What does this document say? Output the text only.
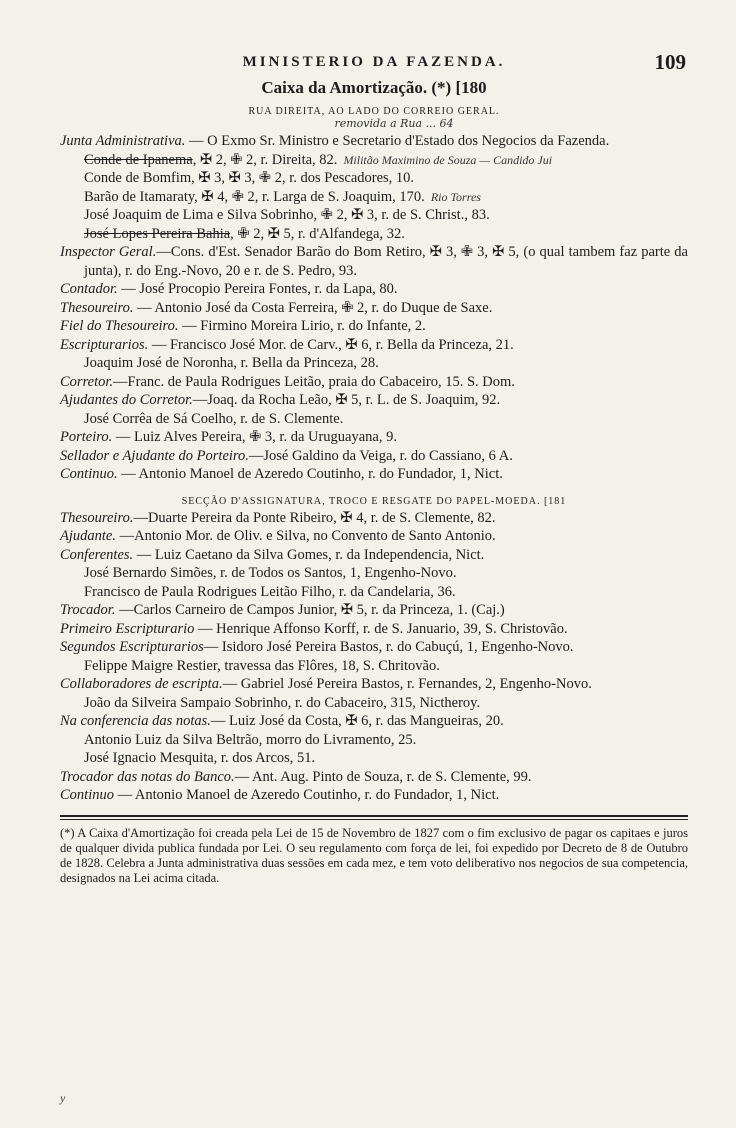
MINISTERIO DA FAZENDA.	109
Caixa da Amortização. (*) [180
RUA DIREITA, AO LADO DO CORREIO GERAL.
removida a Rua ... 64
Junta Administrativa. — O Exmo Sr. Ministro e Secretario d'Estado dos Negocios da Fazenda.
Conde de Ipanema, ✠ 2, ✙ 2, r. Direita, 82. Militão Maximino de Souza — Candido Jui
Conde de Bomfim, ✠ 3, ✠ 3, ✙ 2, r. dos Pescadores, 10.
Barão de Itamaraty, ✠ 4, ✙ 2, r. Larga de S. Joaquim, 170. Rio Torres
José Joaquim de Lima e Silva Sobrinho, ✙ 2, ✠ 3, r. de S. Christ., 83.
José Lopes Pereira Bahia, ✙ 2, ✠ 5, r. d'Alfandega, 32.
Inspector Geral.—Cons. d'Est. Senador Barão do Bom Retiro, ✠ 3, ✙ 3, ✠ 5, (o qual tambem faz parte da junta), r. do Eng.-Novo, 20 e r. de S. Pedro, 93.
Contador. — José Procopio Pereira Fontes, r. da Lapa, 80.
Thesoureiro. — Antonio José da Costa Ferreira, ✙ 2, r. do Duque de Saxe.
Fiel do Thesoureiro. — Firmino Moreira Lirio, r. do Infante, 2.
Escripturarios. — Francisco José Mor. de Carv., ✠ 6, r. Bella da Princeza, 21.
Joaquim José de Noronha, r. Bella da Princeza, 28.
Corretor.—Franc. de Paula Rodrigues Leitão, praia do Cabaceiro, 15. S. Dom.
Ajudantes do Corretor.—Joaq. da Rocha Leão, ✠ 5, r. L. de S. Joaquim, 92.
José Corrêa de Sá Coelho, r. de S. Clemente.
Porteiro. — Luiz Alves Pereira, ✙ 3, r. da Uruguayana, 9.
Sellador e Ajudante do Porteiro.—José Galdino da Veiga, r. do Cassiano, 6 A.
Continuo. — Antonio Manoel de Azeredo Coutinho, r. do Fundador, 1, Nict.
SECÇÃO D'ASSIGNATURA, TROCO E RESGATE DO PAPEL-MOEDA. [181
Thesoureiro.—Duarte Pereira da Ponte Ribeiro, ✠ 4, r. de S. Clemente, 82.
Ajudante. —Antonio Mor. de Oliv. e Silva, no Convento de Santo Antonio.
Conferentes. — Luiz Caetano da Silva Gomes, r. da Independencia, Nict.
José Bernardo Simões, r. de Todos os Santos, 1, Engenho-Novo.
Francisco de Paula Rodrigues Leitão Filho, r. da Candelaria, 36.
Trocador. —Carlos Carneiro de Campos Junior, ✠ 5, r. da Princeza, 1. (Caj.)
Primeiro Escripturario — Henrique Affonso Korff, r. de S. Januario, 39, S. Christovão.
Segundos Escripturarios— Isidoro José Pereira Bastos, r. do Cabuçú, 1, Engenho-Novo.
Felippe Maigre Restier, travessa das Flôres, 18, S. Chritovão.
Collaboradores de escripta.— Gabriel José Pereira Bastos, r. Fernandes, 2, Engenho-Novo.
João da Silveira Sampaio Sobrinho, r. do Cabaceiro, 315, Nictheroy.
Na conferencia das notas.— Luiz José da Costa, ✠ 6, r. das Mangueiras, 20.
Antonio Luiz da Silva Beltrão, morro do Livramento, 25.
José Ignacio Mesquita, r. dos Arcos, 51.
Trocador das notas do Banco.— Ant. Aug. Pinto de Souza, r. de S. Clemente, 99.
Continuo — Antonio Manoel de Azeredo Coutinho, r. do Fundador, 1, Nict.
(*) A Caixa d'Amortização foi creada pela Lei de 15 de Novembro de 1827 com o fim exclusivo de pagar os capitaes e juros de qualquer divida publica fundada por Lei. O seu regulamento com força de lei, foi expedido por Decreto de 8 de Outubro de 1828. Celebra a Junta administrativa duas sessões em cada mez, e tem voto deliberativo nos negocios de sua competencia, designados na Lei acima citada.
y
